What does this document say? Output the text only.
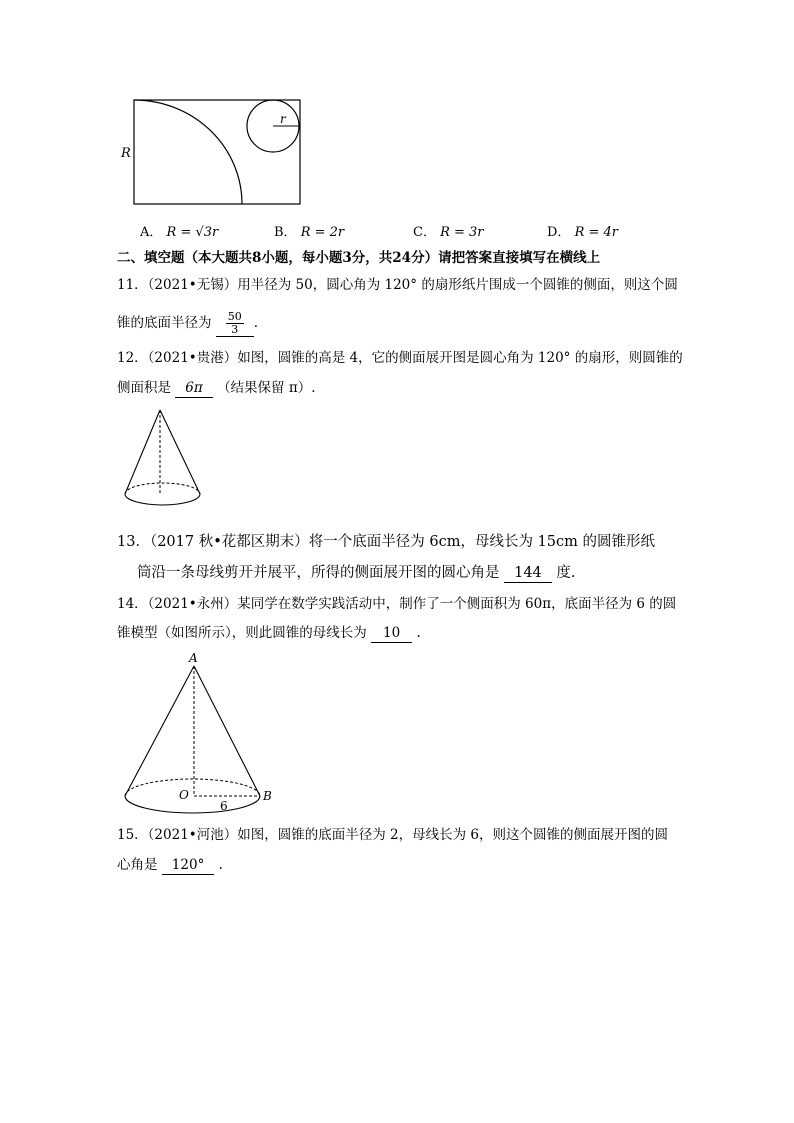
r
R
A． R = √3r	B． R = 2r	C． R = 3r	D． R = 4r
二、填空题（本大题共8小题，每小题3分，共24分）请把答案直接填写在横线上
11．（2021•无锡）用半径为 50，圆心角为 120° 的扇形纸片围成一个圆锥的侧面，则这个圆
锥的底面半径为 $\frac{50}{3}$ .
12．（2021•贵港）如图，圆锥的高是 4，它的侧面展开图是圆心角为 120° 的扇形，则圆锥的
侧面积是 6π （结果保留 π）.
13．（2017 秋•花都区期末）将一个底面半径为 6cm，母线长为 15cm 的圆锥形纸
筒沿一条母线剪开并展平，所得的侧面展开图的圆心角是 144 度.
14．（2021•永州）某同学在数学实践活动中，制作了一个侧面积为 60π，底面半径为 6 的圆
锥模型（如图所示），则此圆锥的母线长为 10 .
A
O	B
6
15．（2021•河池）如图，圆锥的底面半径为 2，母线长为 6，则这个圆锥的侧面展开图的圆
心角是 120° .
